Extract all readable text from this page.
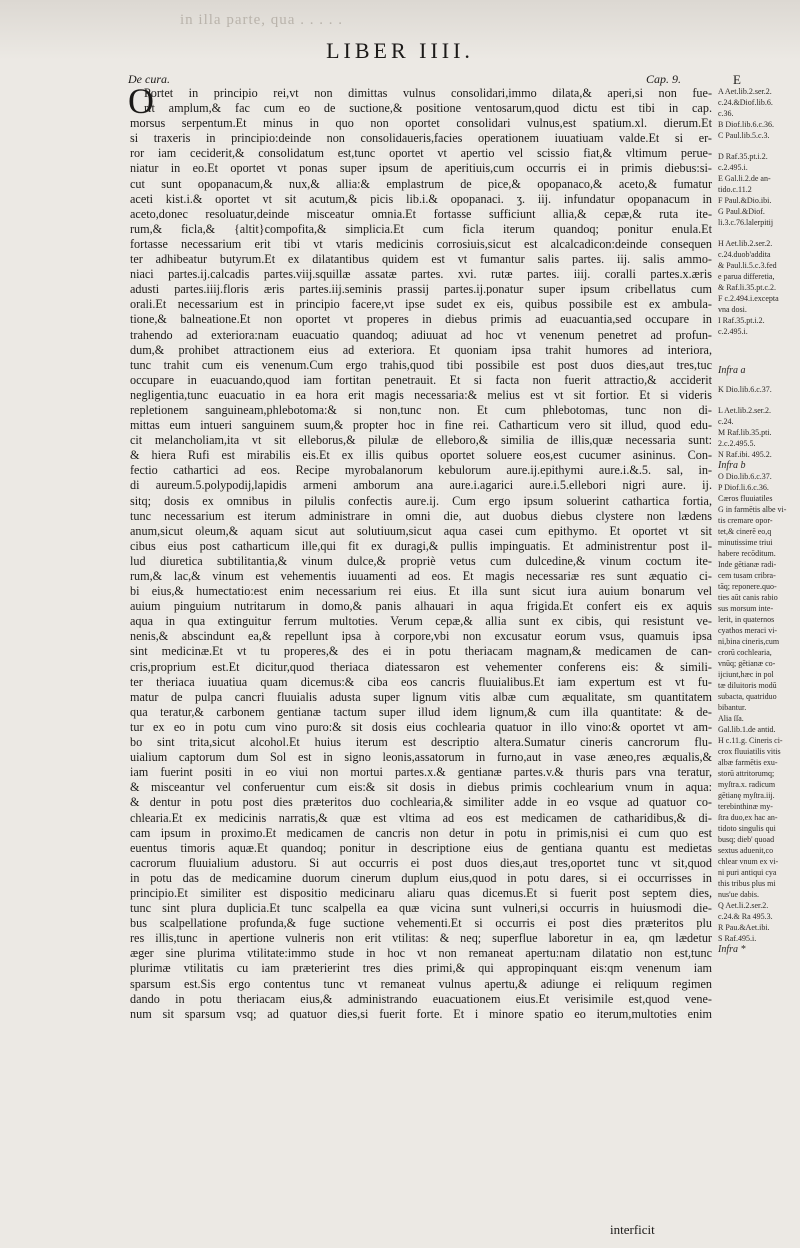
in illa parte, qua . . . . .
LIBER IIII.
De cura.	Cap. 9.	E
O
Portet in principio rei,vt non dimittas vulnus consolidari,immo dilata,& aperi,si non fue-
rit amplum,& fac cum eo de suctione,& positione ventosarum,quod dictu est tibi in cap.
morsus serpentum.Et minus in quo non oportet consolidari vulnus,est spatium.xl. dierum.Et
si traxeris in principio:deinde non consolidaueris,facies operationem iuuatiuam valde.Et si er-
ror iam ceciderit,& consolidatum est,tunc oportet vt apertio vel scissio fiat,& vltimum perue-
niatur in eo.Et oportet vt ponas super ipsum de aperitiuis,cum occurris ei in primis diebus:si-
cut sunt opopanacum,& nux,& allia:& emplastrum de pice,& opopanaco,& aceto,& fumatur
aceti kist.i.& oportet vt sit acutum,& picis lib.i.& opopanaci. ʒ. iij. infundatur opopanacum in
aceto,donec resoluatur,deinde misceatur omnia.Et fortasse sufficiunt allia,& cepæ,& ruta ite-
rum,& ficla,& {altit}compofita,& simplicia.Et cum ficla iterum quandoq; ponitur enula.Et
fortasse necessarium erit tibi vt vtaris medicinis corrosiuis,sicut est alcalcadicon:deinde consequen
ter adhibeatur butyrum.Et ex dilatantibus quidem est vt fumantur salis partes. iij. salis ammo-
niaci partes.ij.calcadis partes.viij.squillæ assatæ partes. xvi. rutæ partes. iiij. coralli partes.x.æris
adusti partes.iiij.floris æris partes.iij.seminis prassij partes.ij.ponatur super ipsum cribellatus cum
orali.Et necessarium est in principio facere,vt ipse sudet ex eis, quibus possibile est ex ambula-
tione,& balneatione.Et non oportet vt properes in diebus primis ad euacuantia,sed occupare in
trahendo ad exteriora:nam euacuatio quandoq; adiuuat ad hoc vt venenum penetret ad profun-
dum,& prohibet attractionem eius ad exteriora. Et quoniam ipsa trahit humores ad interiora,
tunc trahit cum eis venenum.Cum ergo trahis,quod tibi possibile est post duos dies,aut tres,tuc
occupare in euacuando,quod iam fortitan penetrauit. Et si facta non fuerit attractio,& acciderit
negligentia,tunc euacuatio in ea hora erit magis necessaria:& melius est vt sit fortior. Et si videris
repletionem sanguineam,phlebotoma:& si non,tunc non. Et cum phlebotomas, tunc non di-
mittas eum intueri sanguinem suum,& propter hoc in fine rei. Catharticum vero sit illud, quod edu-
cit melancholiam,ita vt sit elleborus,& pilulæ de elleboro,& similia de illis,quæ necessaria sunt:
& hiera Rufi est mirabilis eis.Et ex illis quibus oportet soluere eos,est cucumer asininus. Con-
fectio cathartici ad eos. Recipe myrobalanorum kebulorum aure.ij.epithymi aure.i.&.5. sal, in-
di aureum.5.polypodij,lapidis armeni amborum ana aure.i.agarici aure.i.5.ellebori nigri aure. ij.
sitq; dosis ex omnibus in pilulis confectis aure.ij. Cum ergo ipsum soluerint cathartica fortia,
tunc necessarium est iterum administrare in omni die, aut duobus diebus clystere non lædens
anum,sicut oleum,& aquam sicut aut solutiuum,sicut aqua casei cum epithymo. Et oportet vt sit
cibus eius post catharticum ille,qui fit ex duragi,& pullis impinguatis. Et administrentur post il-
lud diuretica subtilitantia,& vinum dulce,& propriè vetus cum dulcedine,& vinum coctum ite-
rum,& lac,& vinum est vehementis iuuamenti ad eos. Et magis necessariæ res sunt æquatio ci-
bi eius,& humectatio:est enim necessarium rei eius. Et illa sunt sicut iura auium bonarum vel
auium pinguium nutritarum in domo,& panis alhauari in aqua frigida.Et confert eis ex aquis
aqua in qua extinguitur ferrum multoties. Verum cepæ,& allia sunt ex cibis, qui resistunt ve-
nenis,& abscindunt ea,& repellunt ipsa à corpore,vbi non excusatur eorum vsus, quamuis ipsa
sint medicinæ.Et vt tu properes,& des ei in potu theriacam magnam,& medicamen de can-
cris,proprium est.Et dicitur,quod theriaca diatessaron est vehementer conferens eis: & simili-
ter theriaca iuuatiua quam dicemus:& ciba eos cancris fluuialibus.Et iam expertum est vt fu-
matur de pulpa cancri fluuialis adusta super lignum vitis albæ cum æqualitate, sm quantitatem
qua teratur,& carbonem gentianæ tactum super illud idem lignum,& cum illa quantitate: & de-
tur ex eo in potu cum vino puro:& sit dosis eius cochlearia quatuor in illo vino:& oportet vt am-
bo sint trita,sicut alcohol.Et huius iterum est descriptio altera.Sumatur cineris cancrorum flu-
uialium captorum dum Sol est in signo leonis,assatorum in furno,aut in vase æneo,res æqualis,&
iam fuerint positi in eo viui non mortui partes.x.& gentianæ partes.v.& thuris pars vna teratur,
& misceantur vel conferuentur cum eis:& sit dosis in diebus primis cochlearium vnum in aqua:
& dentur in potu post dies præteritos duo cochlearia,& similiter adde in eo vsque ad quatuor co-
chlearia.Et ex medicinis narratis,& quæ est vltima ad eos est medicamen de catharidibus,& di-
cam ipsum in proximo.Et medicamen de cancris non detur in potu in primis,nisi ei cum quo est
euentus timoris aquæ.Et quandoq; ponitur in descriptione eius de gentiana quantu est medietas
cacrorum fluuialium adustoru. Si aut occurris ei post duos dies,aut tres,oportet tunc vt sit,quod
in potu das de medicamine duorum cinerum duplum eius,quod in potu dares, si ei occurrisses in
principio.Et similiter est dispositio medicinaru aliaru quas dicemus.Et si fuerit post septem dies,
tunc sint plura duplicia.Et tunc scalpella ea quæ vicina sunt vulneri,si occurris in huiusmodi die-
bus scalpellatione profunda,& fuge suctione vehementi.Et si occurris ei post dies præteritos plu
res illis,tunc in apertione vulneris non erit vtilitas: & neq; superflue laboretur in ea, qm lædetur
æger sine plurima vtilitate:immo stude in hoc vt non remaneat apertu:nam dilatatio non est,tunc
plurimæ vtilitatis cu iam præterierint tres dies primi,& qui appropinquant eis:qm venenum iam
sparsum est.Sis ergo contentus tunc vt remaneat vulnus apertu,& adiunge ei reliquum regimen
dando in potu theriacam eius,& administrando euacuationem eius.Et verisimile est,quod vene-
num sit sparsum vsq; ad quatuor dies,si fuerit forte. Et i minore spatio eo iterum,multoties enim
A Aet.lib.2.ser.2.
c.24.&Diof.lib.6.
c.36.
B Diof.lib.6.c.36.
C Paul.lib.5.c.3.
D Raf.35.pt.i.2.
c.2.495.i.
E Gal.li.2.de an-
tido.c.11.2
F Paul.&Dio.ibi.
G Paul.&Diof.
li.3.c.76.lalerpitij
H Aet.lib.2.ser.2.
c.24.duob'addita
& Paul.li.5.c.3.fed
e parua differetia,
& Raf.li.35.pt.c.2.
F c.2.494.i.excepta
vna dosi.
I Raf.35.pt.i.2.
c.2.495.i.
Infra a
K Dio.lib.6.c.37.
L Aet.lib.2.ser.2.
c.24.
M Raf.lib.35.pti.
2.c.2.495.5.
N Raf.ibi. 495.2.
Infra b
O Dio.lib.6.c.37.
P Diof.li.6.c.36.
Cæros fluuiatiles
G in farmētis albe vi-
tis cremare opor-
tet,& cinerē eo,q
minutissime triui
habere recōditum.
Inde gētianæ radi-
cem tusam cribra-
tāq; reponere.quo-
ties aūt canis rabio
sus morsum inte-
lerit, in quaternos
cyathos meraci vi-
ni,bina cineris,cum
crorū cochlearia,
vnūq; gētianæ co-
ijciunt,hæc in pol
tæ diluitoris modū
subacta, quatriduo
bibantur.
Alia ſſa.
Gal.lib.1.de antid.
H c.11.g. Cineris ci-
crox fluuiatilis vitis
albæ farmētis exu-
storū attritorumq;
myſtra.x. radicum
gētianę myſtra.iij.
terebinthinæ my-
ſtra duo,ex hac an-
tidoto singulis qui
busq; dieb' quoad
sextus aduenit,co
chlear vnum ex vi-
ni puri antiqui cya
this tribus plus mi
nus'ue dabis.
Q Aet.li.2.ser.2.
c.24.& Ra 495.3.
R Pau.&Aet.ibi.
S Raf.495.i.
Infra *
interficit
